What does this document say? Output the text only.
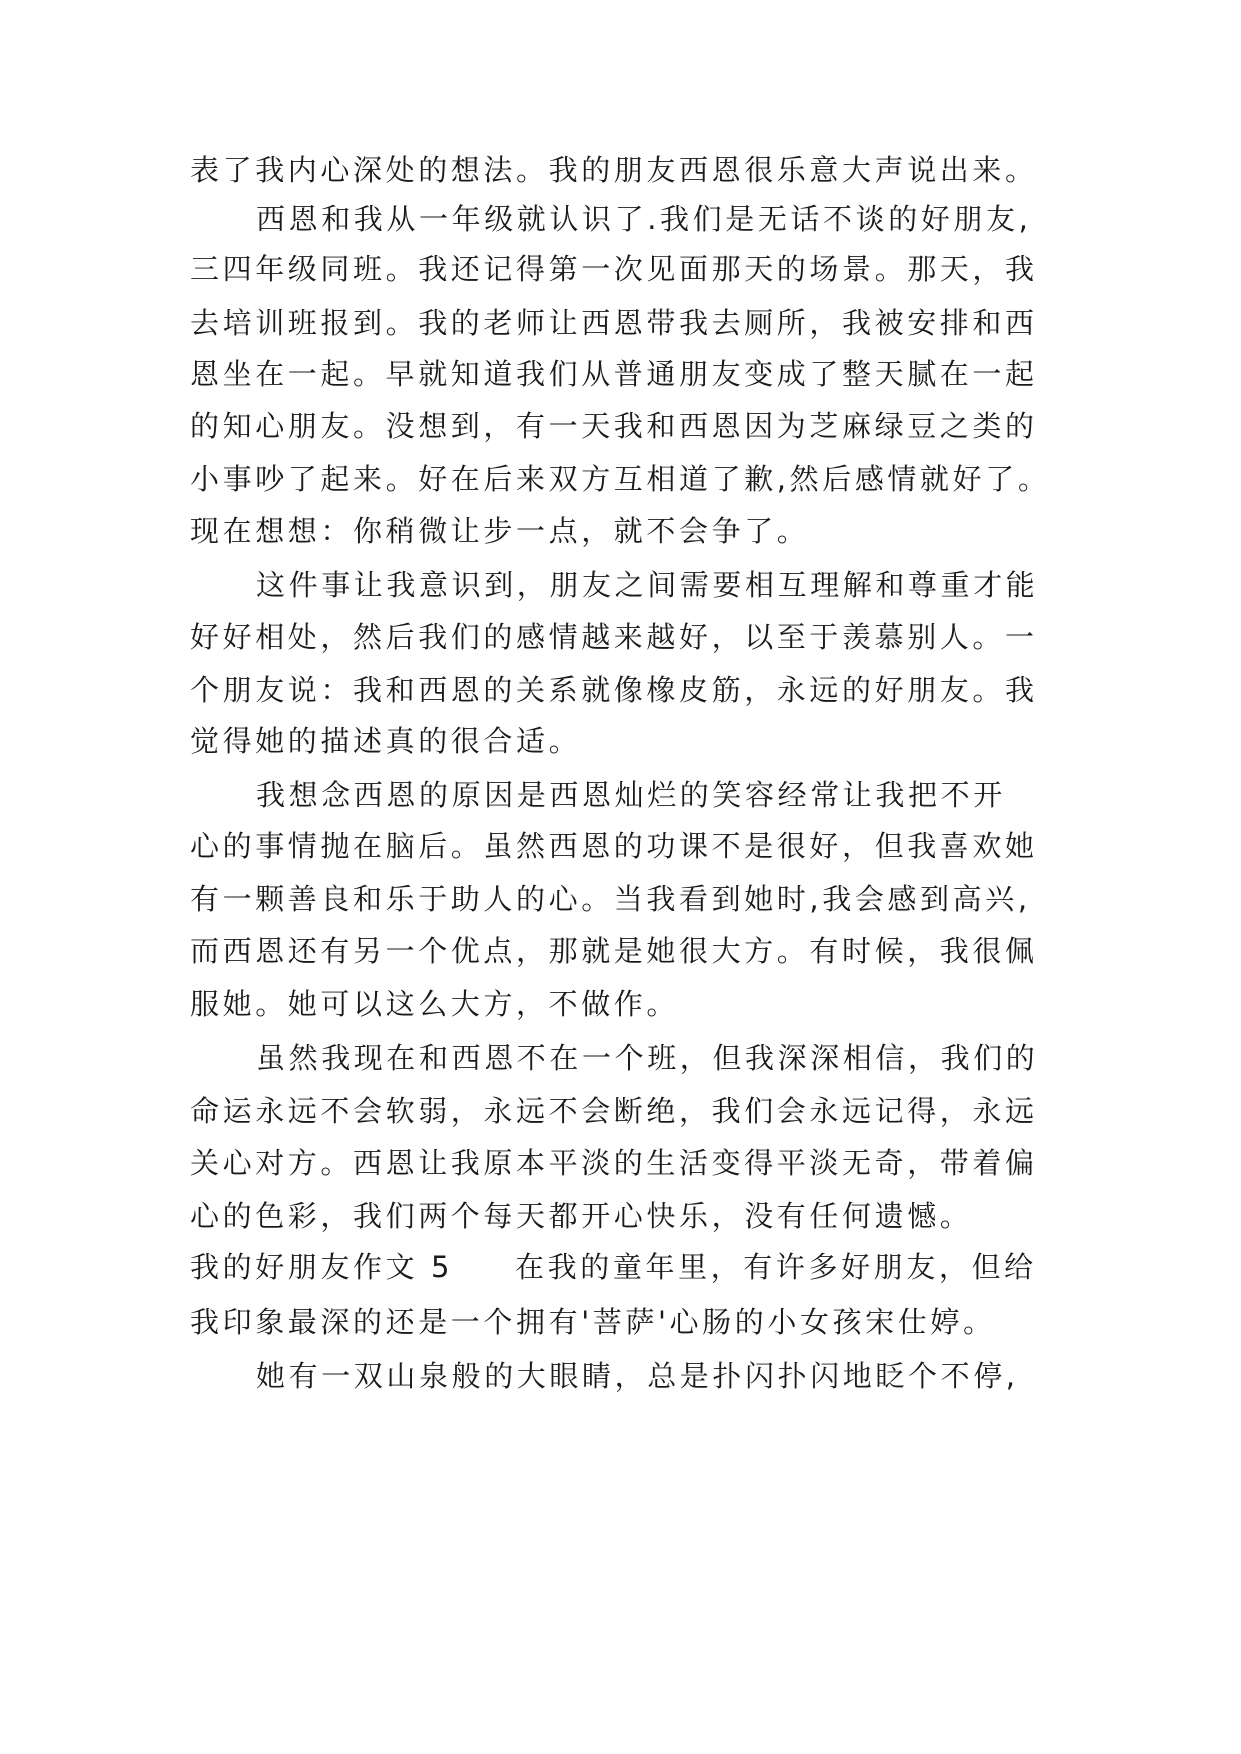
表了我内心深处的想法。我的朋友西恩很乐意大声说出来。
西恩和我从一年级就认识了.我们是无话不谈的好朋友,
三四年级同班。我还记得第一次见面那天的场景。那天，我
去培训班报到。我的老师让西恩带我去厕所，我被安排和西
恩坐在一起。早就知道我们从普通朋友变成了整天腻在一起
的知心朋友。没想到，有一天我和西恩因为芝麻绿豆之类的
小事吵了起来。好在后来双方互相道了歉,然后感情就好了。
现在想想：你稍微让步一点，就不会争了。
这件事让我意识到，朋友之间需要相互理解和尊重才能
好好相处，然后我们的感情越来越好，以至于羡慕别人。一
个朋友说：我和西恩的关系就像橡皮筋，永远的好朋友。我
觉得她的描述真的很合适。
我想念西恩的原因是西恩灿烂的笑容经常让我把不开
心的事情抛在脑后。虽然西恩的功课不是很好，但我喜欢她
有一颗善良和乐于助人的心。当我看到她时,我会感到高兴,
而西恩还有另一个优点，那就是她很大方。有时候，我很佩
服她。她可以这么大方，不做作。
虽然我现在和西恩不在一个班，但我深深相信，我们的
命运永远不会软弱，永远不会断绝，我们会永远记得，永远
关心对方。西恩让我原本平淡的生活变得平淡无奇，带着偏
心的色彩，我们两个每天都开心快乐，没有任何遗憾。
我的好朋友作文 5 在我的童年里，有许多好朋友，但给
我印象最深的还是一个拥有'菩萨'心肠的小女孩宋仕婷。
她有一双山泉般的大眼睛，总是扑闪扑闪地眨个不停,
